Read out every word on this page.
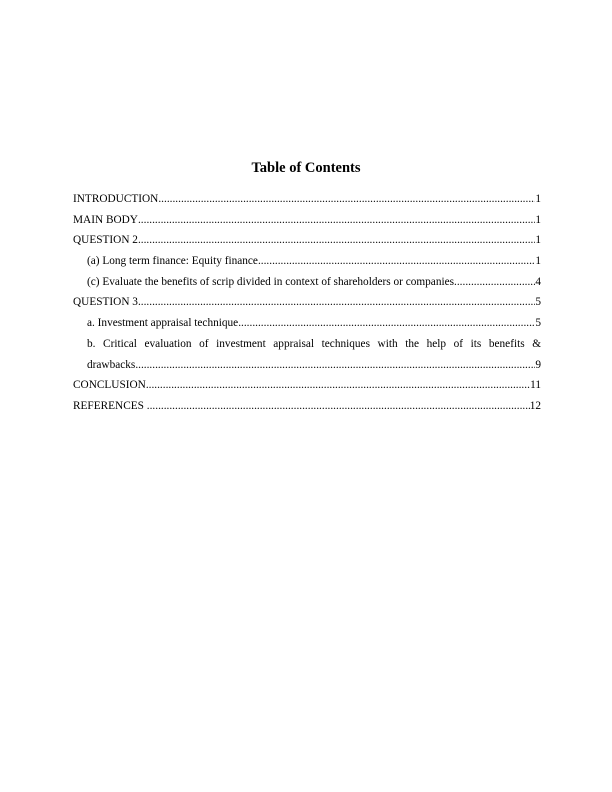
Table of Contents
INTRODUCTION .....	1
MAIN BODY .....	1
QUESTION 2 .....	1
(a) Long term finance: Equity finance .....	1
(c) Evaluate the benefits of scrip divided in context of shareholders or companies .....	4
QUESTION 3 .....	5
a. Investment appraisal technique .....	5
b. Critical evaluation of investment appraisal techniques with the help of its benefits &
drawbacks .....	9
CONCLUSION .....	11
REFERENCES .....	12
